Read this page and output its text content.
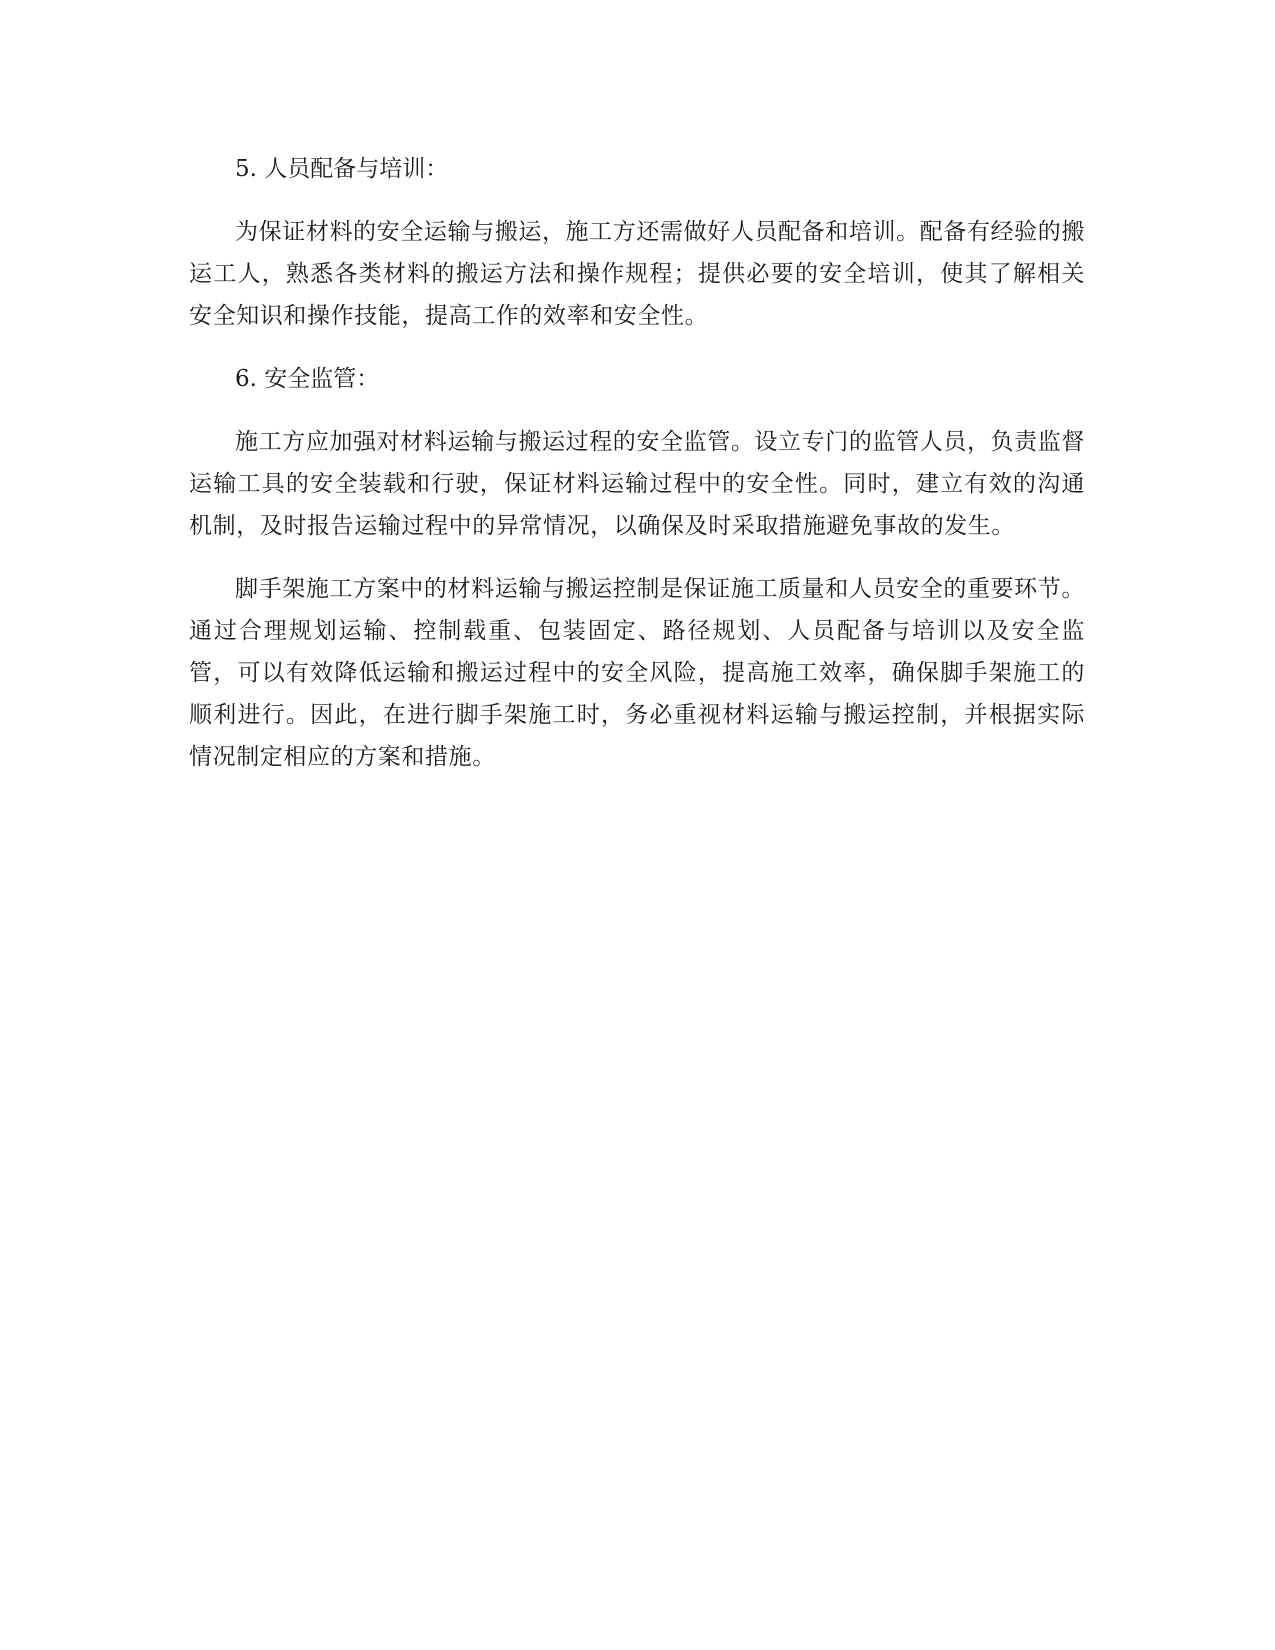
5. 人员配备与培训：

为保证材料的安全运输与搬运，施工方还需做好人员配备和培训。配备有经验的搬运工人，熟悉各类材料的搬运方法和操作规程；提供必要的安全培训，使其了解相关安全知识和操作技能，提高工作的效率和安全性。

6. 安全监管：

施工方应加强对材料运输与搬运过程的安全监管。设立专门的监管人员，负责监督运输工具的安全装载和行驶，保证材料运输过程中的安全性。同时，建立有效的沟通机制，及时报告运输过程中的异常情况，以确保及时采取措施避免事故的发生。

脚手架施工方案中的材料运输与搬运控制是保证施工质量和人员安全的重要环节。通过合理规划运输、控制载重、包装固定、路径规划、人员配备与培训以及安全监管，可以有效降低运输和搬运过程中的安全风险，提高施工效率，确保脚手架施工的顺利进行。因此，在进行脚手架施工时，务必重视材料运输与搬运控制，并根据实际情况制定相应的方案和措施。
